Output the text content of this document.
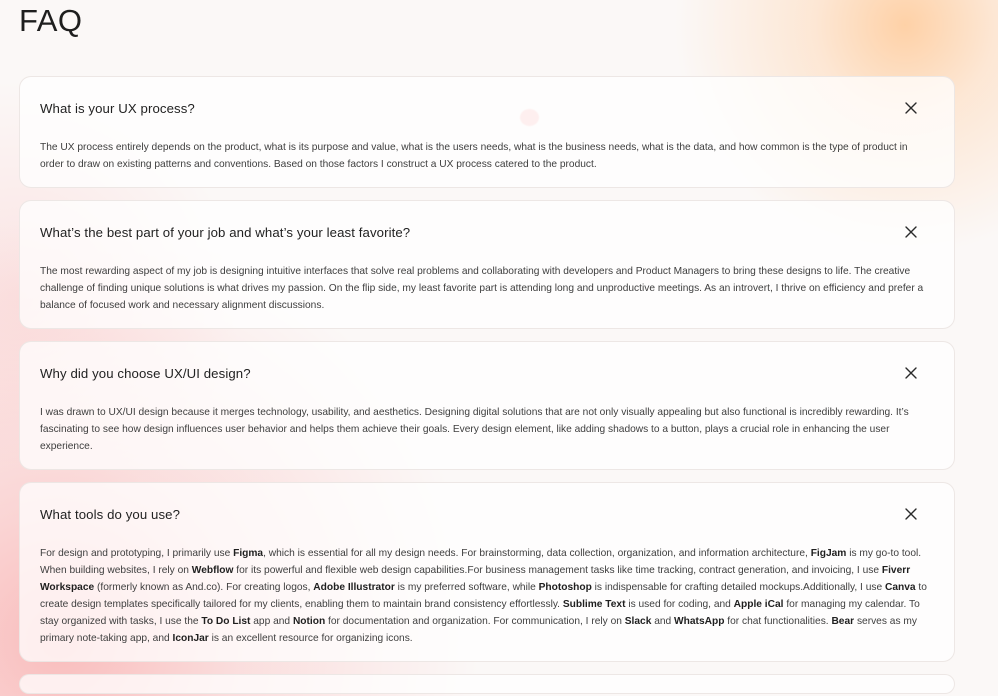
FAQ
What is your UX process?

The UX process entirely depends on the product, what is its purpose and value, what is the users needs, what is the business needs, what is the data, and how common is the type of product in order to draw on existing patterns and conventions. Based on those factors I construct a UX process catered to the product.

What’s the best part of your job and what’s your least favorite?

The most rewarding aspect of my job is designing intuitive interfaces that solve real problems and collaborating with developers and Product Managers to bring these designs to life. The creative challenge of finding unique solutions is what drives my passion. On the flip side, my least favorite part is attending long and unproductive meetings. As an introvert, I thrive on efficiency and prefer a balance of focused work and necessary alignment discussions.

Why did you choose UX/UI design?

I was drawn to UX/UI design because it merges technology, usability, and aesthetics. Designing digital solutions that are not only visually appealing but also functional is incredibly rewarding. It’s fascinating to see how design influences user behavior and helps them achieve their goals. Every design element, like adding shadows to a button, plays a crucial role in enhancing the user experience.

What tools do you use?

For design and prototyping, I primarily use Figma, which is essential for all my design needs. For brainstorming, data collection, organization, and information architecture, FigJam is my go-to tool. When building websites, I rely on Webflow for its powerful and flexible web design capabilities.For business management tasks like time tracking, contract generation, and invoicing, I use Fiverr Workspace (formerly known as And.co). For creating logos, Adobe Illustrator is my preferred software, while Photoshop is indispensable for crafting detailed mockups.Additionally, I use Canva to create design templates specifically tailored for my clients, enabling them to maintain brand consistency effortlessly. Sublime Text is used for coding, and Apple iCal for managing my calendar. To stay organized with tasks, I use the To Do List app and Notion for documentation and organization. For communication, I rely on Slack and WhatsApp for chat functionalities. Bear serves as my primary note-taking app, and IconJar is an excellent resource for organizing icons.
